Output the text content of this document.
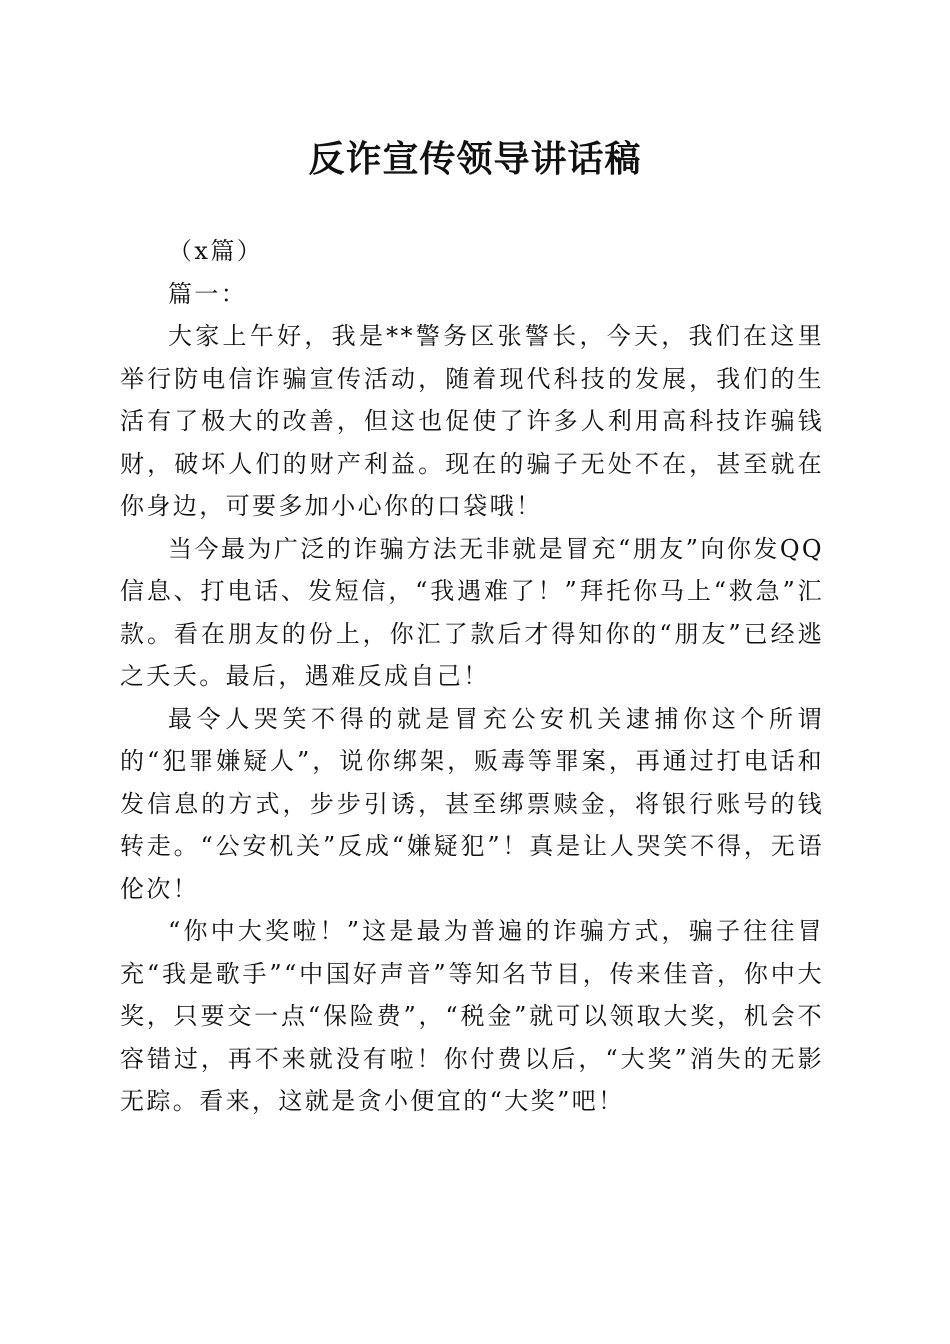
反诈宣传领导讲话稿

（x篇）

篇一：

大家上午好，我是**警务区张警长，今天，我们在这里举行防电信诈骗宣传活动，随着现代科技的发展，我们的生活有了极大的改善，但这也促使了许多人利用高科技诈骗钱财，破坏人们的财产利益。现在的骗子无处不在，甚至就在你身边，可要多加小心你的口袋哦！

当今最为广泛的诈骗方法无非就是冒充“朋友”向你发QQ信息、打电话、发短信，“我遇难了！”拜托你马上“救急”汇款。看在朋友的份上，你汇了款后才得知你的“朋友”已经逃之夭夭。最后，遇难反成自己！

最令人哭笑不得的就是冒充公安机关逮捕你这个所谓的“犯罪嫌疑人”，说你绑架，贩毒等罪案，再通过打电话和发信息的方式，步步引诱，甚至绑票赎金，将银行账号的钱转走。“公安机关”反成“嫌疑犯”！真是让人哭笑不得，无语伦次！

“你中大奖啦！”这是最为普遍的诈骗方式，骗子往往冒充“我是歌手”“中国好声音”等知名节目，传来佳音，你中大奖，只要交一点“保险费”，“税金”就可以领取大奖，机会不容错过，再不来就没有啦！你付费以后，“大奖”消失的无影无踪。看来，这就是贪小便宜的“大奖”吧！
